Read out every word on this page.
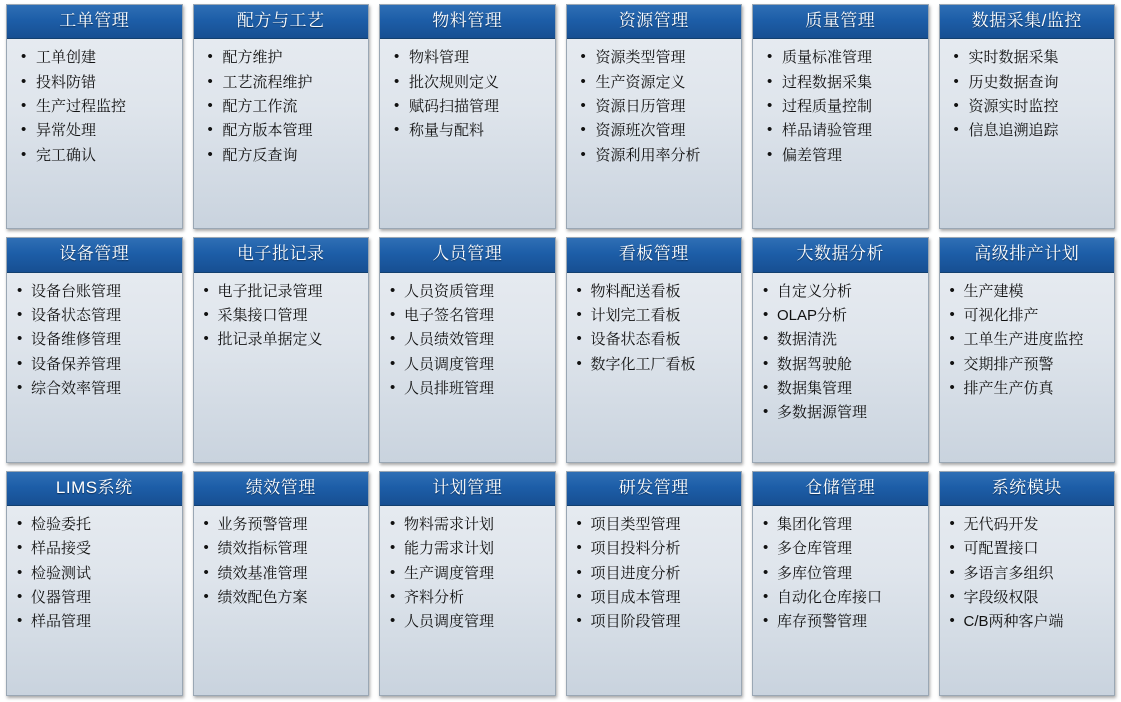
工单管理
• 工单创建
• 投料防错
• 生产过程监控
• 异常处理
• 完工确认
配方与工艺
• 配方维护
• 工艺流程维护
• 配方工作流
• 配方版本管理
• 配方反查询
物料管理
• 物料管理
• 批次规则定义
• 赋码扫描管理
• 称量与配料
资源管理
• 资源类型管理
• 生产资源定义
• 资源日历管理
• 资源班次管理
• 资源利用率分析
质量管理
• 质量标准管理
• 过程数据采集
• 过程质量控制
• 样品请验管理
• 偏差管理
数据采集/监控
• 实时数据采集
• 历史数据查询
• 资源实时监控
• 信息追溯追踪
设备管理
• 设备台账管理
• 设备状态管理
• 设备维修管理
• 设备保养管理
• 综合效率管理
电子批记录
• 电子批记录管理
• 采集接口管理
• 批记录单据定义
人员管理
• 人员资质管理
• 电子签名管理
• 人员绩效管理
• 人员调度管理
• 人员排班管理
看板管理
• 物料配送看板
• 计划完工看板
• 设备状态看板
• 数字化工厂看板
大数据分析
• 自定义分析
• OLAP分析
• 数据清洗
• 数据驾驶舱
• 数据集管理
• 多数据源管理
高级排产计划
• 生产建模
• 可视化排产
• 工单生产进度监控
• 交期排产预警
• 排产生产仿真
LIMS系统
• 检验委托
• 样品接受
• 检验测试
• 仪器管理
• 样品管理
绩效管理
• 业务预警管理
• 绩效指标管理
• 绩效基准管理
• 绩效配色方案
计划管理
• 物料需求计划
• 能力需求计划
• 生产调度管理
• 齐料分析
• 人员调度管理
研发管理
• 项目类型管理
• 项目投料分析
• 项目进度分析
• 项目成本管理
• 项目阶段管理
仓储管理
• 集团化管理
• 多仓库管理
• 多库位管理
• 自动化仓库接口
• 库存预警管理
系统模块
• 无代码开发
• 可配置接口
• 多语言多组织
• 字段级权限
• C/B两种客户端
